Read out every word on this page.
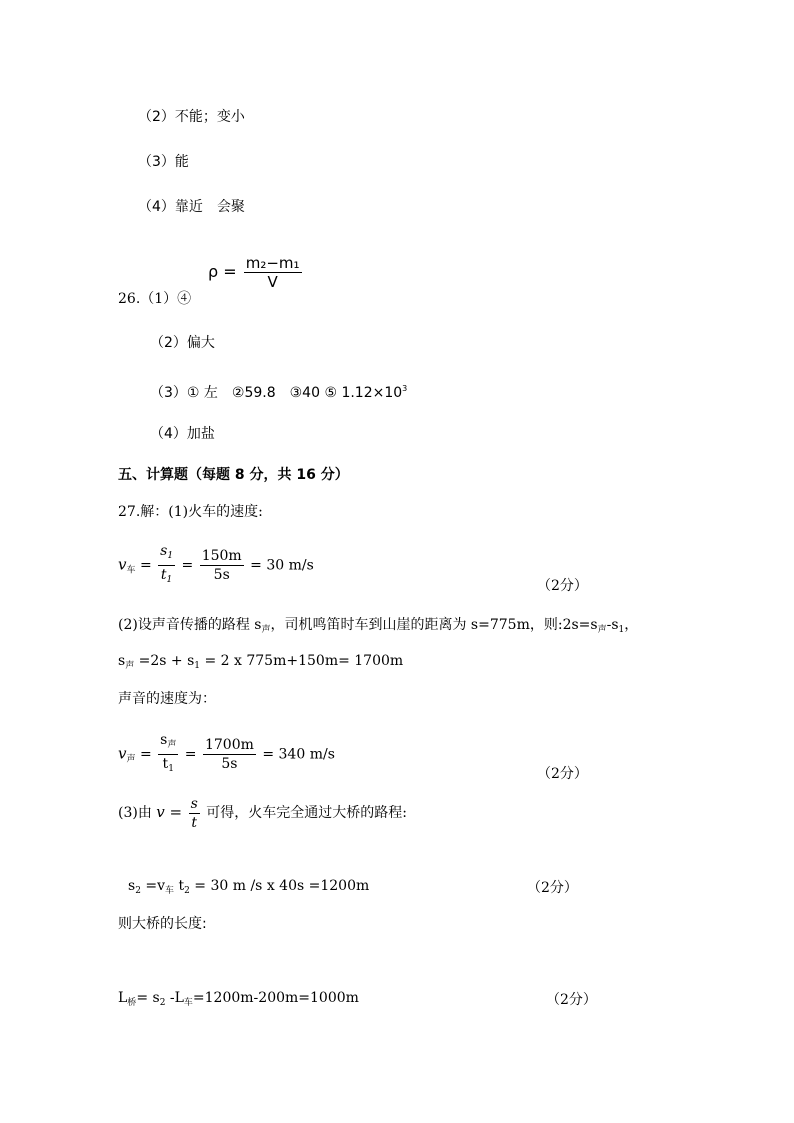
（2）不能；变小
（3）能
（4）靠近　会聚
$\rho = \frac{\text{m₂−m₁}}{V}$
26.（1）④
（2）偏大
（3）① 左　②59.8　③40 ⑤ $1.12\times 10^3$
（4）加盐
五、计算题（每题 8 分，共 16 分）
27.解：(1)火车的速度:
$v_车 = \frac{s_1}{t_1} = \frac{150m}{5s} = 30$ m/s
（2分）
(2)设声音传播的路程 $s_声$，司机鸣笛时车到山崖的距离为 s=775m，则$:2s=s_声-s_1$，
$s_声 =2s + s_1 = 2$ x 775m+150m= 1700m
声音的速度为：
$v_声 = \frac{s_声}{t_1} = \frac{1700m}{5s} = 340$ m/s
（2分）
(3)由 $v = \frac{s}{t}$ 可得，火车完全通过大桥的路程:
$s_2 =v_车$ $t_2 = 30$ m /s x 40s =1200m	（2分）
则大桥的长度:
$L_桥= s_2$ $-L_车=1200m-200m=1000m$	（2分）
